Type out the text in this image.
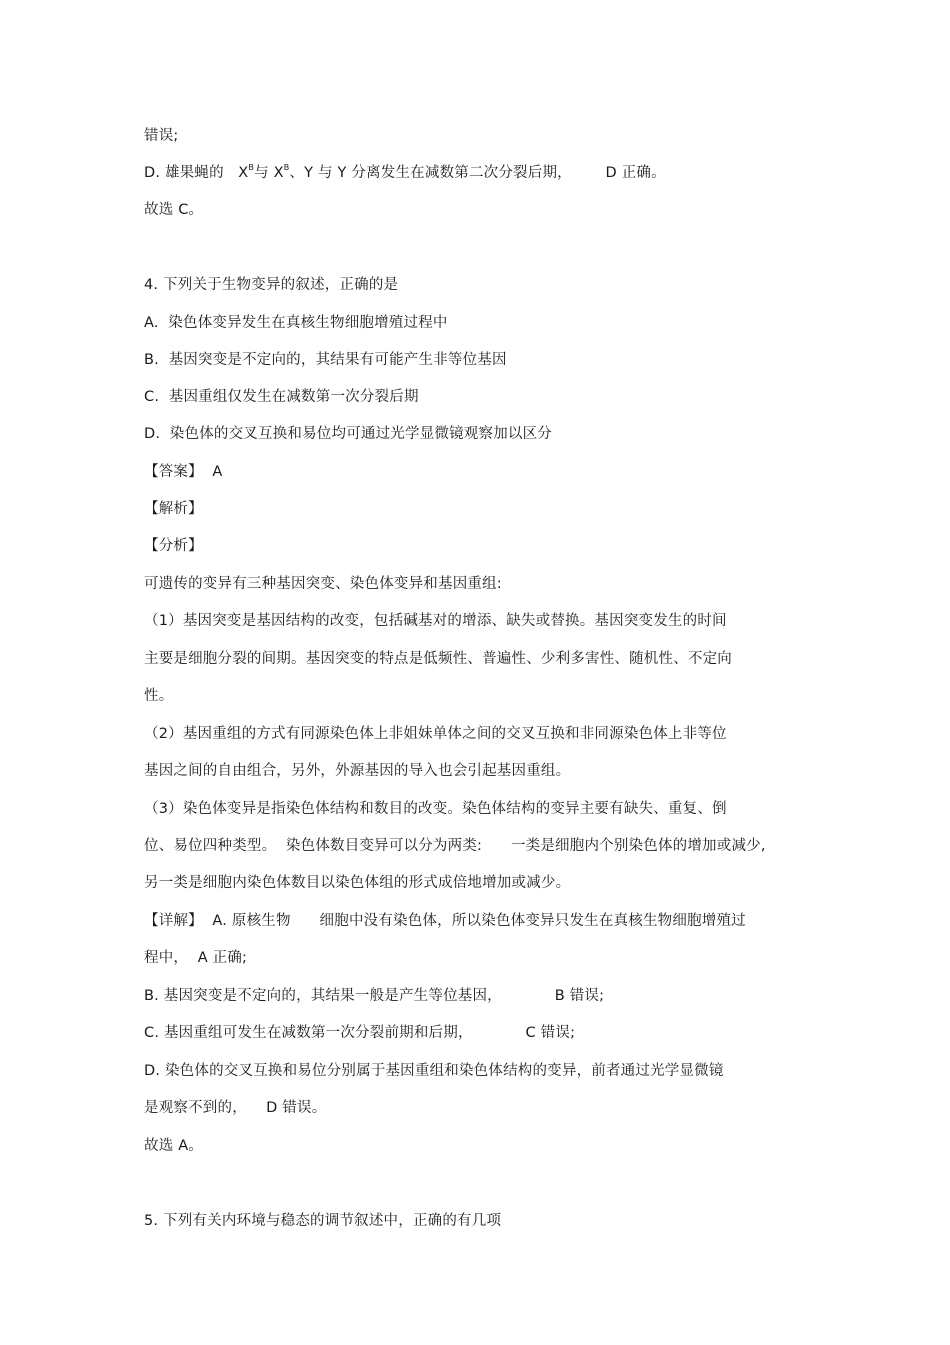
错误;
D. 雄果蝇的   $X^B$与 $X^B$、Y 与 Y 分离发生在减数第二次分裂后期，       D 正确。
故选 C。
4. 下列关于生物变异的叙述，正确的是
A.  染色体变异发生在真核生物细胞增殖过程中
B.  基因突变是不定向的，其结果有可能产生非等位基因
C.  基因重组仅发生在减数第一次分裂后期
D.  染色体的交叉互换和易位均可通过光学显微镜观察加以区分
【答案】  A
【解析】
【分析】
可遗传的变异有三种基因突变、染色体变异和基因重组:
（1）基因突变是基因结构的改变，包括碱基对的增添、缺失或替换。基因突变发生的时间
主要是细胞分裂的间期。基因突变的特点是低频性、普遍性、少利多害性、随机性、不定向
性。
（2）基因重组的方式有同源染色体上非姐妹单体之间的交叉互换和非同源染色体上非等位
基因之间的自由组合，另外，外源基因的导入也会引起基因重组。
（3）染色体变异是指染色体结构和数目的改变。染色体结构的变异主要有缺失、重复、倒
位、易位四种类型。  染色体数目变异可以分为两类:      一类是细胞内个别染色体的增加或减少,
另一类是细胞内染色体数目以染色体组的形式成倍地增加或减少。
【详解】  A. 原核生物      细胞中没有染色体，所以染色体变异只发生在真核生物细胞增殖过
程中，  A 正确;
B. 基因突变是不定向的，其结果一般是产生等位基因，           B 错误;
C. 基因重组可发生在减数第一次分裂前期和后期，           C 错误;
D. 染色体的交叉互换和易位分别属于基因重组和染色体结构的变异，前者通过光学显微镜
是观察不到的，    D 错误。
故选 A。
5. 下列有关内环境与稳态的调节叙述中，正确的有几项
